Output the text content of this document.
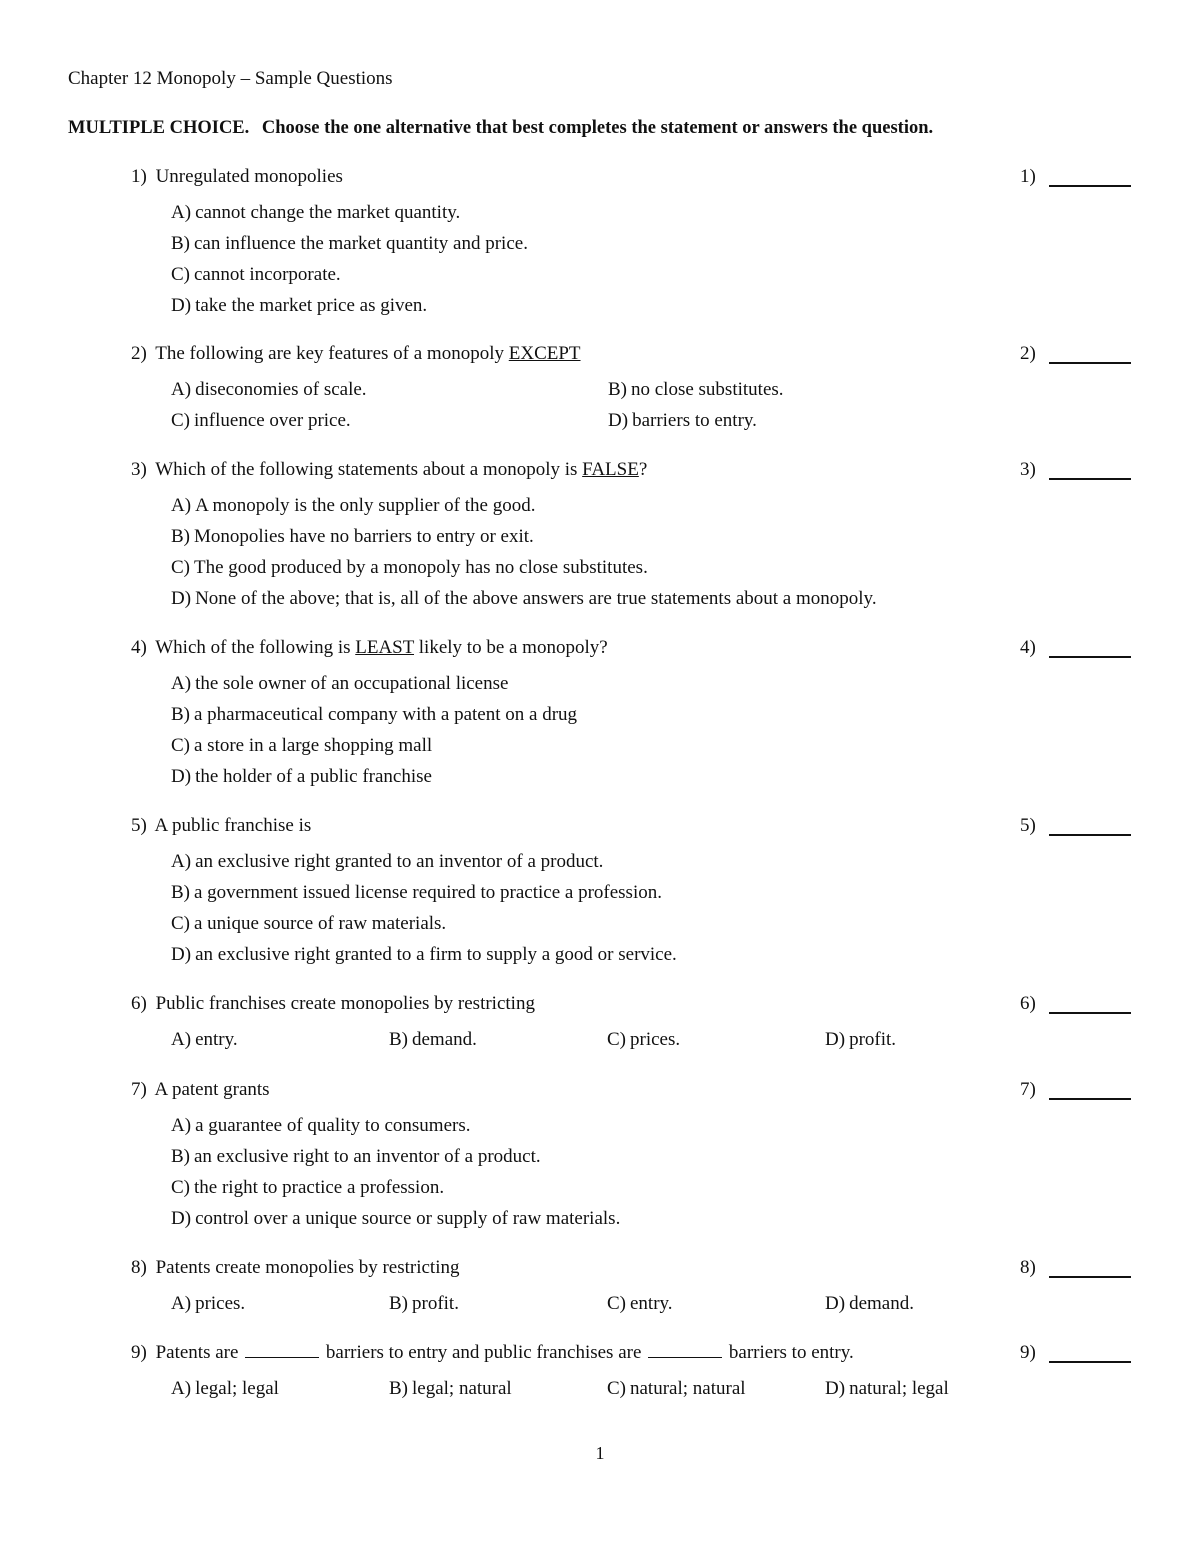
Chapter 12 Monopoly – Sample Questions
MULTIPLE CHOICE. Choose the one alternative that best completes the statement or answers the question.
1) Unregulated monopolies	1)
A) cannot change the market quantity.
B) can influence the market quantity and price.
C) cannot incorporate.
D) take the market price as given.
2) The following are key features of a monopoly EXCEPT	2)
A) diseconomies of scale.	B) no close substitutes.
C) influence over price.	D) barriers to entry.
3) Which of the following statements about a monopoly is FALSE?	3)
A) A monopoly is the only supplier of the good.
B) Monopolies have no barriers to entry or exit.
C) The good produced by a monopoly has no close substitutes.
D) None of the above; that is, all of the above answers are true statements about a monopoly.
4) Which of the following is LEAST likely to be a monopoly?	4)
A) the sole owner of an occupational license
B) a pharmaceutical company with a patent on a drug
C) a store in a large shopping mall
D) the holder of a public franchise
5) A public franchise is	5)
A) an exclusive right granted to an inventor of a product.
B) a government issued license required to practice a profession.
C) a unique source of raw materials.
D) an exclusive right granted to a firm to supply a good or service.
6) Public franchises create monopolies by restricting	6)
A) entry.	B) demand.	C) prices.	D) profit.
7) A patent grants	7)
A) a guarantee of quality to consumers.
B) an exclusive right to an inventor of a product.
C) the right to practice a profession.
D) control over a unique source or supply of raw materials.
8) Patents create monopolies by restricting	8)
A) prices.	B) profit.	C) entry.	D) demand.
9) Patents are	barriers to entry and public franchises are	barriers to entry.	9)
A) legal; legal	B) legal; natural	C) natural; natural	D) natural; legal
1
